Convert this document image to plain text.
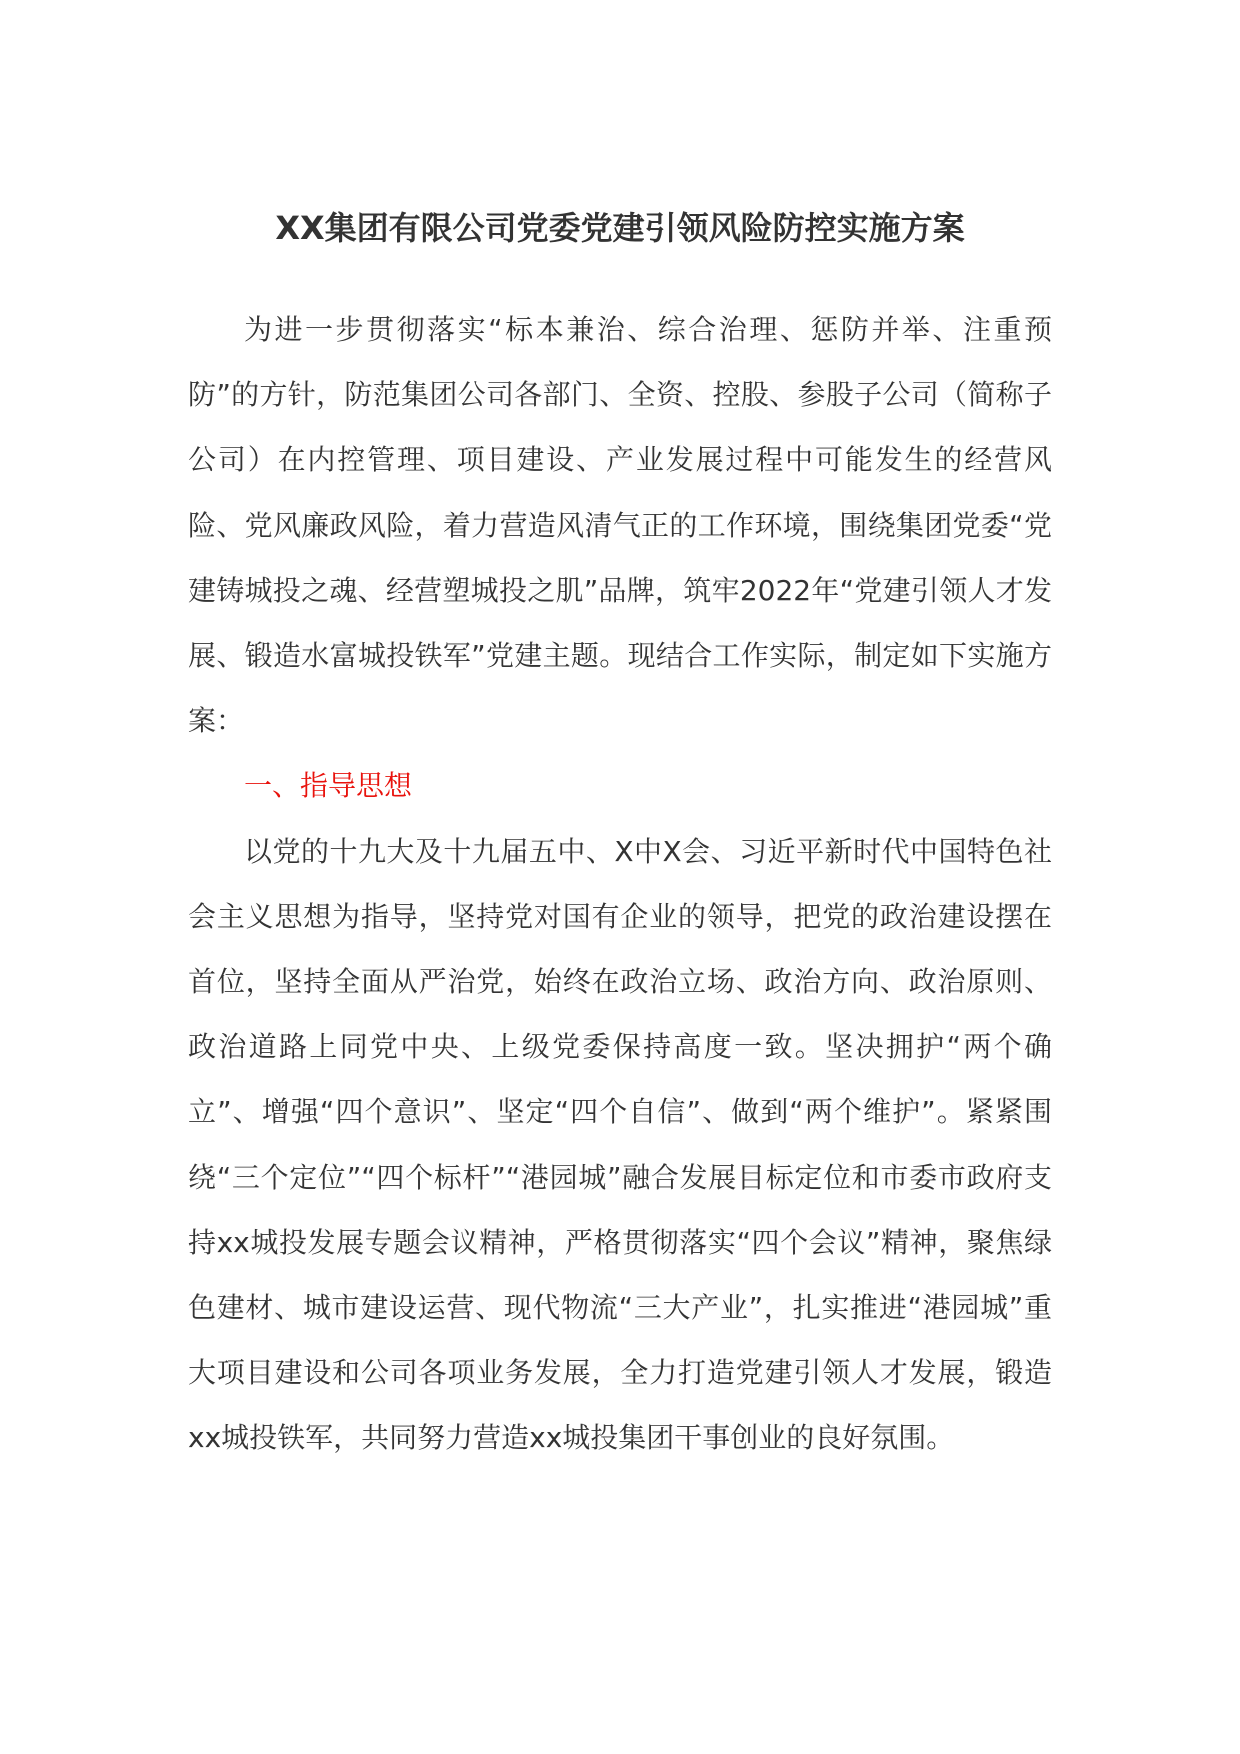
XX集团有限公司党委党建引领风险防控实施方案

为进一步贯彻落实“标本兼治、综合治理、惩防并举、注重预防”的方针，防范集团公司各部门、全资、控股、参股子公司（简称子公司）在内控管理、项目建设、产业发展过程中可能发生的经营风险、党风廉政风险，着力营造风清气正的工作环境，围绕集团党委“党建铸城投之魂、经营塑城投之肌”品牌，筑牢2022年“党建引领人才发展、锻造水富城投铁军”党建主题。现结合工作实际，制定如下实施方案：

一、指导思想

以党的十九大及十九届五中、X中X会、习近平新时代中国特色社会主义思想为指导，坚持党对国有企业的领导，把党的政治建设摆在首位，坚持全面从严治党，始终在政治立场、政治方向、政治原则、政治道路上同党中央、上级党委保持高度一致。坚决拥护“两个确立”、增强“四个意识”、坚定“四个自信”、做到“两个维护”。紧紧围绕“三个定位”“四个标杆”“港园城”融合发展目标定位和市委市政府支持xx城投发展专题会议精神，严格贯彻落实“四个会议”精神，聚焦绿色建材、城市建设运营、现代物流“三大产业”，扎实推进“港园城”重大项目建设和公司各项业务发展，全力打造党建引领人才发展，锻造xx城投铁军，共同努力营造xx城投集团干事创业的良好氛围。
